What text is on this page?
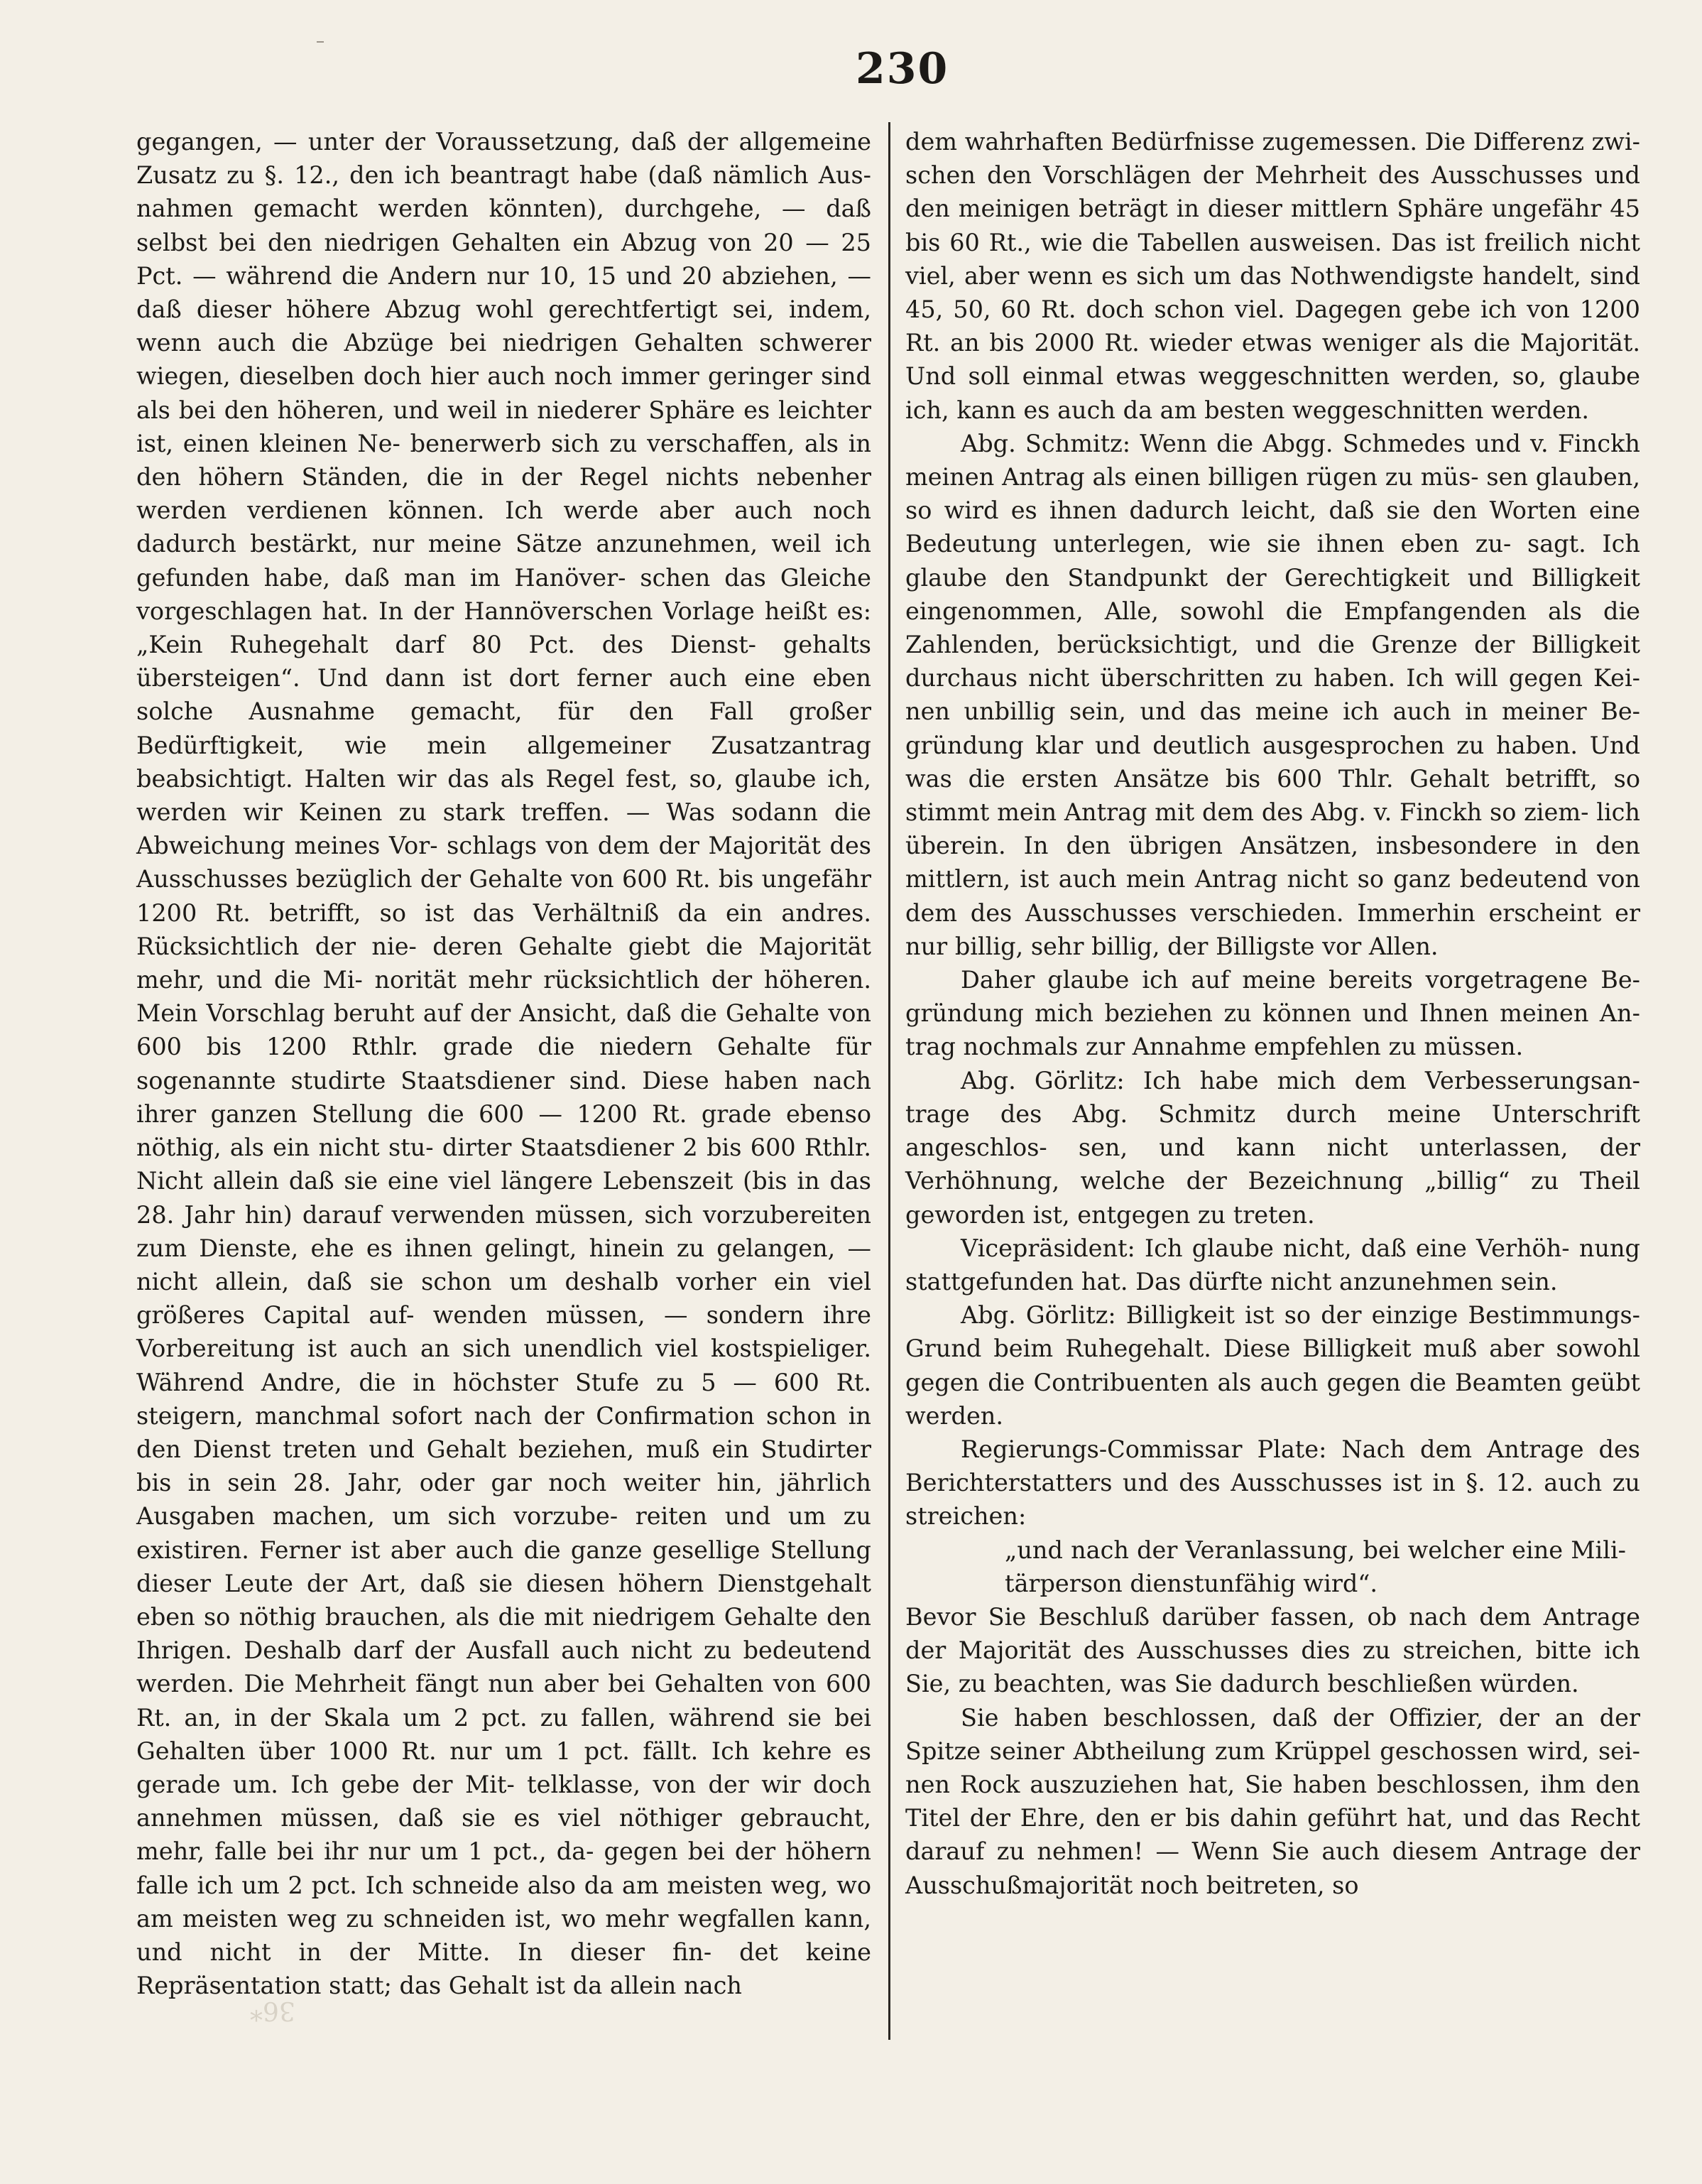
230

gegangen, — unter der Voraussetzung, daß der allgemeine Zusatz zu §. 12., den ich beantragt habe (daß nämlich Aus- nahmen gemacht werden könnten), durchgehe, — daß selbst bei den niedrigen Gehalten ein Abzug von 20 — 25 Pct. — während die Andern nur 10, 15 und 20 abziehen, — daß dieser höhere Abzug wohl gerechtfertigt sei, indem, wenn auch die Abzüge bei niedrigen Gehalten schwerer wiegen, dieselben doch hier auch noch immer geringer sind als bei den höheren, und weil in niederer Sphäre es leichter ist, einen kleinen Ne- benerwerb sich zu verschaffen, als in den höhern Ständen, die in der Regel nichts nebenher werden verdienen können. Ich werde aber auch noch dadurch bestärkt, nur meine Sätze anzunehmen, weil ich gefunden habe, daß man im Hanöver- schen das Gleiche vorgeschlagen hat. In der Hannöverschen Vorlage heißt es: „Kein Ruhegehalt darf 80 Pct. des Dienst- gehalts übersteigen“. Und dann ist dort ferner auch eine eben solche Ausnahme gemacht, für den Fall großer Bedürftigkeit, wie mein allgemeiner Zusatzantrag beabsichtigt. Halten wir das als Regel fest, so, glaube ich, werden wir Keinen zu stark treffen. — Was sodann die Abweichung meines Vor- schlags von dem der Majorität des Ausschusses bezüglich der Gehalte von 600 Rt. bis ungefähr 1200 Rt. betrifft, so ist das Verhältniß da ein andres. Rücksichtlich der nie- deren Gehalte giebt die Majorität mehr, und die Mi- norität mehr rücksichtlich der höheren. Mein Vorschlag beruht auf der Ansicht, daß die Gehalte von 600 bis 1200 Rthlr. grade die niedern Gehalte für sogenannte studirte Staatsdiener sind. Diese haben nach ihrer ganzen Stellung die 600 — 1200 Rt. grade ebenso nöthig, als ein nicht stu- dirter Staatsdiener 2 bis 600 Rthlr. Nicht allein daß sie eine viel längere Lebenszeit (bis in das 28. Jahr hin) darauf verwenden müssen, sich vorzubereiten zum Dienste, ehe es ihnen gelingt, hinein zu gelangen, — nicht allein, daß sie schon um deshalb vorher ein viel größeres Capital auf- wenden müssen, — sondern ihre Vorbereitung ist auch an sich unendlich viel kostspieliger. Während Andre, die in höchster Stufe zu 5 — 600 Rt. steigern, manchmal sofort nach der Confirmation schon in den Dienst treten und Gehalt beziehen, muß ein Studirter bis in sein 28. Jahr, oder gar noch weiter hin, jährlich Ausgaben machen, um sich vorzube- reiten und um zu existiren. Ferner ist aber auch die ganze gesellige Stellung dieser Leute der Art, daß sie diesen höhern Dienstgehalt eben so nöthig brauchen, als die mit niedrigem Gehalte den Ihrigen. Deshalb darf der Ausfall auch nicht zu bedeutend werden. Die Mehrheit fängt nun aber bei Gehalten von 600 Rt. an, in der Skala um 2 pct. zu fallen, während sie bei Gehalten über 1000 Rt. nur um 1 pct. fällt. Ich kehre es gerade um. Ich gebe der Mit- telklasse, von der wir doch annehmen müssen, daß sie es viel nöthiger gebraucht, mehr, falle bei ihr nur um 1 pct., da- gegen bei der höhern falle ich um 2 pct. Ich schneide also da am meisten weg, wo am meisten weg zu schneiden ist, wo mehr wegfallen kann, und nicht in der Mitte. In dieser fin- det keine Repräsentation statt; das Gehalt ist da allein nach

dem wahrhaften Bedürfnisse zugemessen. Die Differenz zwi- schen den Vorschlägen der Mehrheit des Ausschusses und den meinigen beträgt in dieser mittlern Sphäre ungefähr 45 bis 60 Rt., wie die Tabellen ausweisen. Das ist freilich nicht viel, aber wenn es sich um das Nothwendigste handelt, sind 45, 50, 60 Rt. doch schon viel. Dagegen gebe ich von 1200 Rt. an bis 2000 Rt. wieder etwas weniger als die Majorität. Und soll einmal etwas weggeschnitten werden, so, glaube ich, kann es auch da am besten weggeschnitten werden.

Abg. Schmitz: Wenn die Abgg. Schmedes und v. Finckh meinen Antrag als einen billigen rügen zu müs- sen glauben, so wird es ihnen dadurch leicht, daß sie den Worten eine Bedeutung unterlegen, wie sie ihnen eben zu- sagt. Ich glaube den Standpunkt der Gerechtigkeit und Billigkeit eingenommen, Alle, sowohl die Empfangenden als die Zahlenden, berücksichtigt, und die Grenze der Billigkeit durchaus nicht überschritten zu haben. Ich will gegen Kei- nen unbillig sein, und das meine ich auch in meiner Be- gründung klar und deutlich ausgesprochen zu haben. Und was die ersten Ansätze bis 600 Thlr. Gehalt betrifft, so stimmt mein Antrag mit dem des Abg. v. Finckh so ziem- lich überein. In den übrigen Ansätzen, insbesondere in den mittlern, ist auch mein Antrag nicht so ganz bedeutend von dem des Ausschusses verschieden. Immerhin erscheint er nur billig, sehr billig, der Billigste vor Allen.

Daher glaube ich auf meine bereits vorgetragene Be- gründung mich beziehen zu können und Ihnen meinen An- trag nochmals zur Annahme empfehlen zu müssen.

Abg. Görlitz: Ich habe mich dem Verbesserungsan- trage des Abg. Schmitz durch meine Unterschrift angeschlos- sen, und kann nicht unterlassen, der Verhöhnung, welche der Bezeichnung „billig“ zu Theil geworden ist, entgegen zu treten.

Vicepräsident: Ich glaube nicht, daß eine Verhöh- nung stattgefunden hat. Das dürfte nicht anzunehmen sein.

Abg. Görlitz: Billigkeit ist so der einzige Bestimmungs- Grund beim Ruhegehalt. Diese Billigkeit muß aber sowohl gegen die Contribuenten als auch gegen die Beamten geübt werden.

Regierungs-Commissar Plate: Nach dem Antrage des Berichterstatters und des Ausschusses ist in §. 12. auch zu streichen:

„und nach der Veranlassung, bei welcher eine Mili- tärperson dienstunfähig wird“.

Bevor Sie Beschluß darüber fassen, ob nach dem Antrage der Majorität des Ausschusses dies zu streichen, bitte ich Sie, zu beachten, was Sie dadurch beschließen würden.

Sie haben beschlossen, daß der Offizier, der an der Spitze seiner Abtheilung zum Krüppel geschossen wird, sei- nen Rock auszuziehen hat, Sie haben beschlossen, ihm den Titel der Ehre, den er bis dahin geführt hat, und das Recht darauf zu nehmen! — Wenn Sie auch diesem Antrage der Ausschußmajorität noch beitreten, so

36*
